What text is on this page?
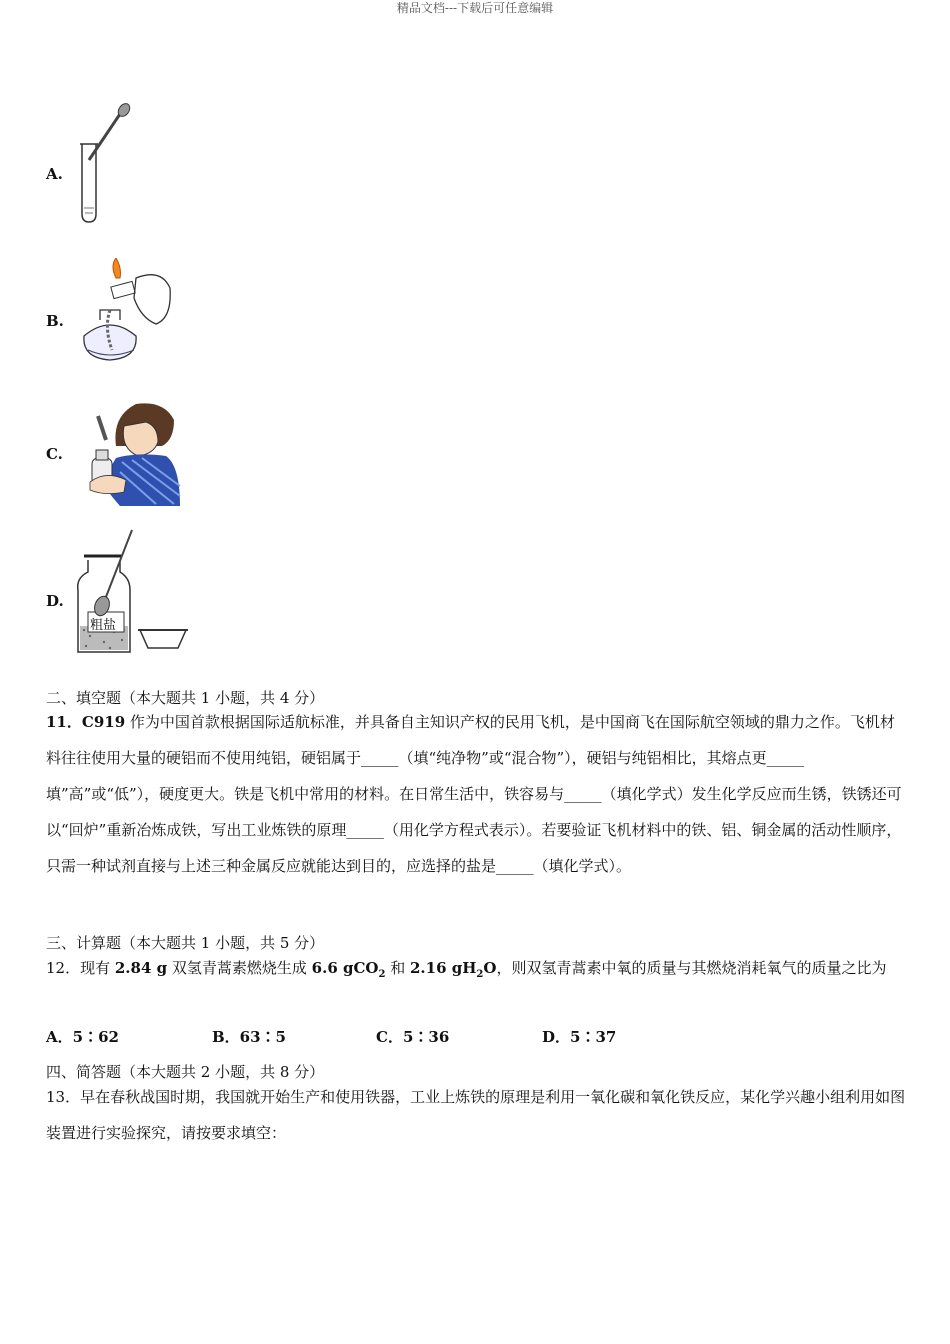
精品文档---下载后可任意编辑
A.
B.
C.
D.
粗盐
二、填空题（本大题共 1 小题，共 4 分）
11．C919 作为中国首款根据国际适航标准，并具备自主知识产权的民用飞机，是中国商飞在国际航空领域的鼎力之作。飞机材料往往使用大量的硬铝而不使用纯铝，硬铝属于_____（填“纯净物”或“混合物”），硬铝与纯铝相比，其熔点更_____填”高”或“低”），硬度更大。铁是飞机中常用的材料。在日常生活中，铁容易与_____（填化学式）发生化学反应而生锈，铁锈还可以“回炉”重新冶炼成铁，写出工业炼铁的原理_____（用化学方程式表示）。若要验证飞机材料中的铁、铝、铜金属的活动性顺序，只需一种试剂直接与上述三种金属反应就能达到目的，应选择的盐是_____（填化学式）。
三、计算题（本大题共 1 小题，共 5 分）
12．现有 2.84 g 双氢青蒿素燃烧生成 6.6 gCO$_2$ 和 2.16 $gH_2O$，则双氢青蒿素中氧的质量与其燃烧消耗氧气的质量之比为
A．5∶62	B．63∶5	C．5∶36	D．5∶37
四、简答题（本大题共 2 小题，共 8 分）
13．早在春秋战国时期，我国就开始生产和使用铁器，工业上炼铁的原理是利用一氧化碳和氧化铁反应，某化学兴趣小组利用如图装置进行实验探究，请按要求填空：
